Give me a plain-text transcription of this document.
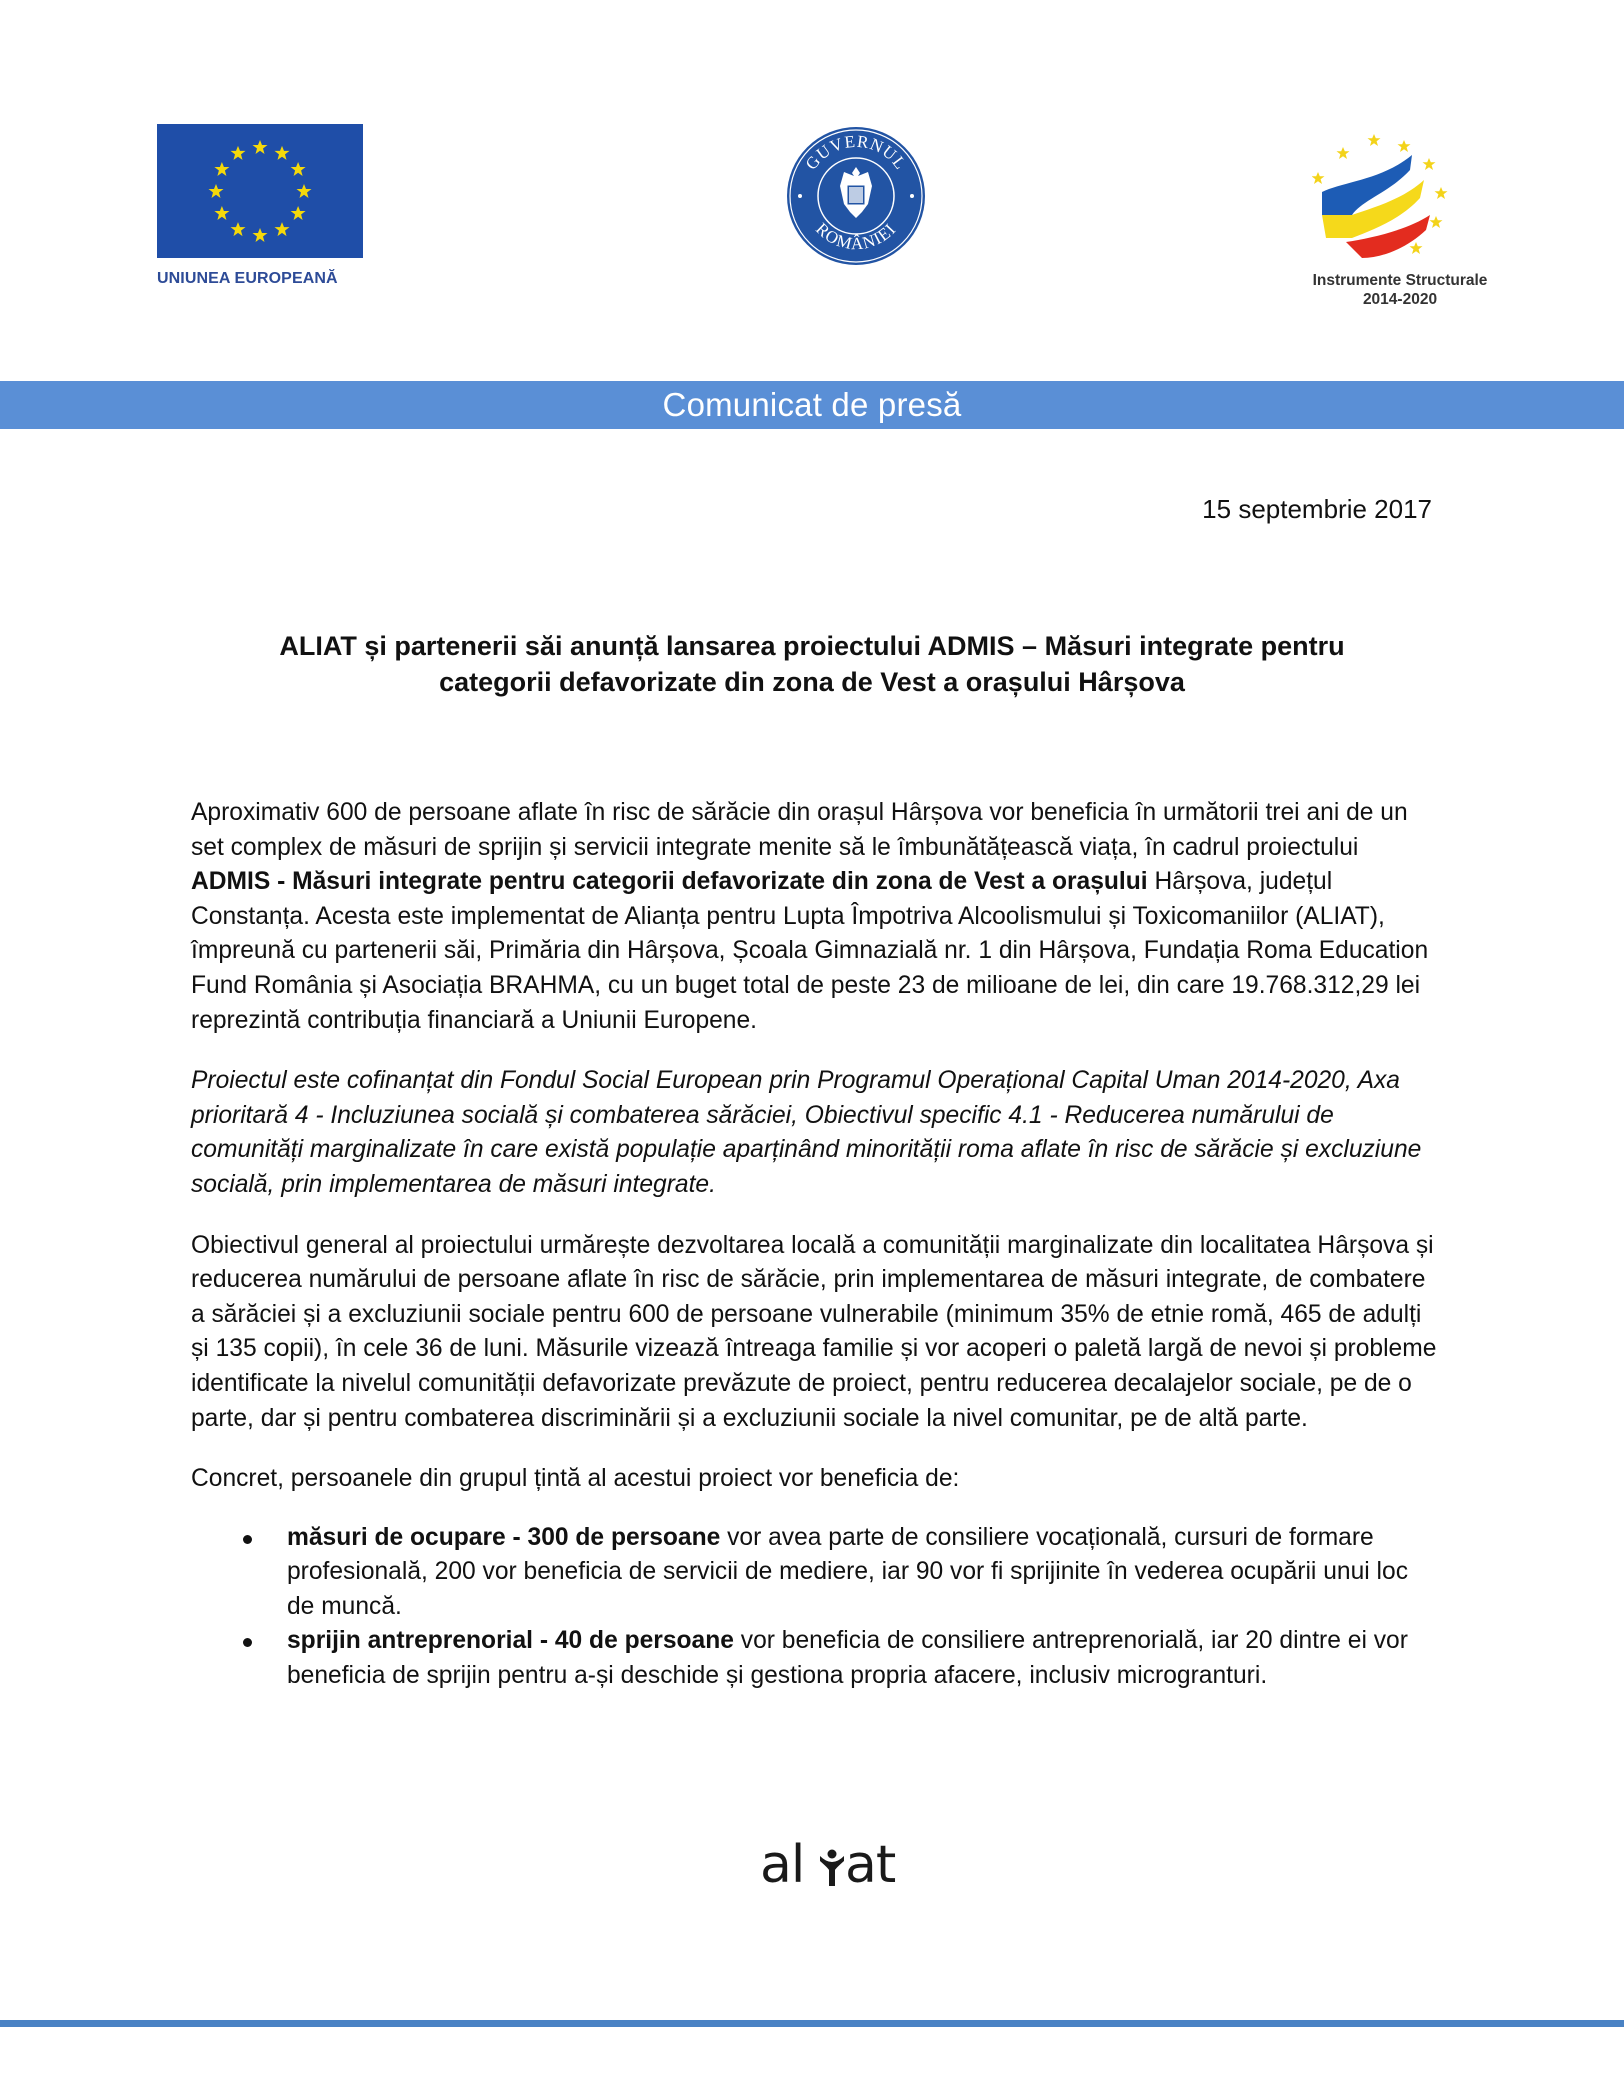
UNIUNEA EUROPEANĂ
GUVERNUL
ROMÂNIEI
Instrumente Structurale
2014-2020
Comunicat de presă
15 septembrie 2017
ALIAT și partenerii săi anunță lansarea proiectului ADMIS – Măsuri integrate pentru
categorii defavorizate din zona de Vest a orașului Hârșova

Aproximativ 600 de persoane aflate în risc de sărăcie din orașul Hârșova vor beneficia în următorii trei ani de un set complex de măsuri de sprijin și servicii integrate menite să le îmbunătățească viața, în cadrul proiectului ADMIS - Măsuri integrate pentru categorii defavorizate din zona de Vest a orașului Hârșova, județul Constanța. Acesta este implementat de Alianța pentru Lupta Împotriva Alcoolismului și Toxicomaniilor (ALIAT), împreună cu partenerii săi, Primăria din Hârșova, Școala Gimnazială nr. 1 din Hârșova, Fundația Roma Education Fund România și Asociația BRAHMA, cu un buget total de peste 23 de milioane de lei, din care 19.768.312,29 lei reprezintă contribuția financiară a Uniunii Europene.

Proiectul este cofinanțat din Fondul Social European prin Programul Operațional Capital Uman 2014-2020, Axa prioritară 4 - Incluziunea socială și combaterea sărăciei, Obiectivul specific 4.1 - Reducerea numărului de comunități marginalizate în care există populație aparținând minorității roma aflate în risc de sărăcie și excluziune socială, prin implementarea de măsuri integrate.

Obiectivul general al proiectului urmărește dezvoltarea locală a comunității marginalizate din localitatea Hârșova și reducerea numărului de persoane aflate în risc de sărăcie, prin implementarea de măsuri integrate, de combatere a sărăciei și a excluziunii sociale pentru 600 de persoane vulnerabile (minimum 35% de etnie romă, 465 de adulți și 135 copii), în cele 36 de luni. Măsurile vizează întreaga familie și vor acoperi o paletă largă de nevoi și probleme identificate la nivelul comunității defavorizate prevăzute de proiect, pentru reducerea decalajelor sociale, pe de o parte, dar și pentru combaterea discriminării și a excluziunii sociale la nivel comunitar, pe de altă parte.

Concret, persoanele din grupul țintă al acestui proiect vor beneficia de:

măsuri de ocupare - 300 de persoane vor avea parte de consiliere vocațională, cursuri de formare profesională, 200 vor beneficia de servicii de mediere, iar 90 vor fi sprijinite în vederea ocupării unui loc de muncă.
sprijin antreprenorial - 40 de persoane vor beneficia de consiliere antreprenorială, iar 20 dintre ei vor beneficia de sprijin pentru a-și deschide și gestiona propria afacere, inclusiv microgranturi.
al at
